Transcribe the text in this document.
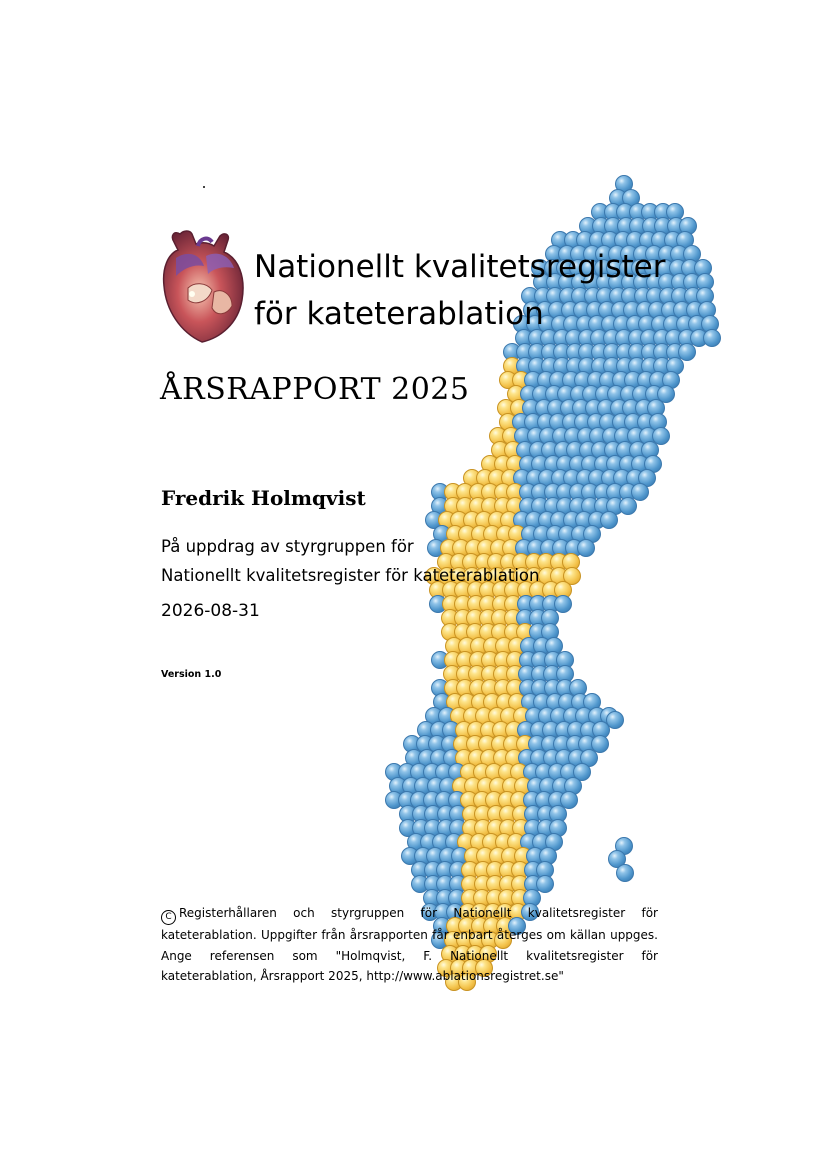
Nationellt kvalitetsregister
för kateterablation
ÅRSRAPPORT 2025
Fredrik Holmqvist
På uppdrag av styrgruppen för
Nationellt kvalitetsregister för kateterablation
2026-08-31
Version 1.0
C Registerhållaren och styrgruppen för Nationellt kvalitetsregister för kateterablation. Uppgifter från årsrapporten får enbart återges om källan uppges. Ange referensen som "Holmqvist, F. Nationellt kvalitetsregister för kateterablation, Årsrapport 2025, http://www.ablationsregistret.se"
